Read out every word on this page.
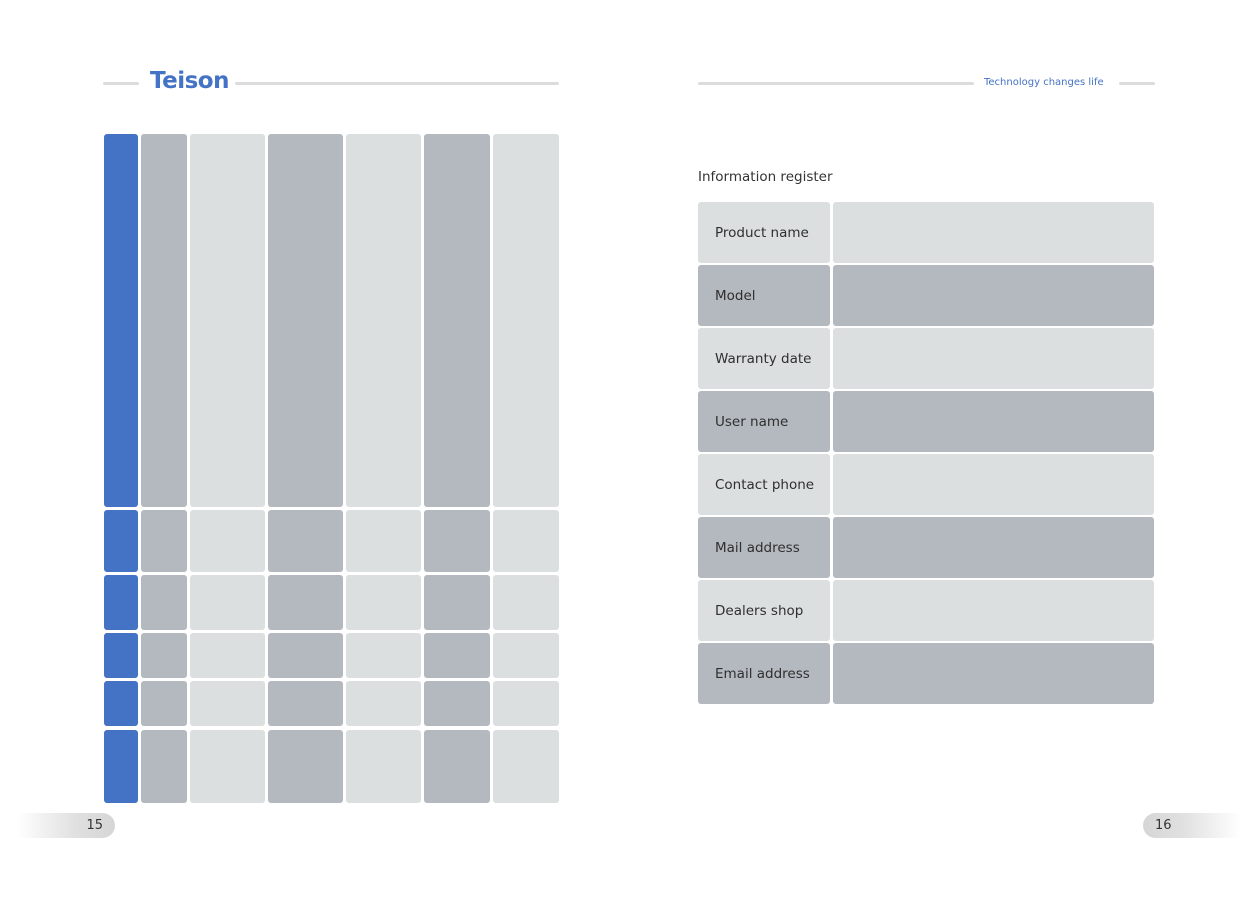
Teison
15
Technology changes life
Information register
Product name
Model
Warranty date
User name
Contact phone
Mail address
Dealers shop
Email address
16
